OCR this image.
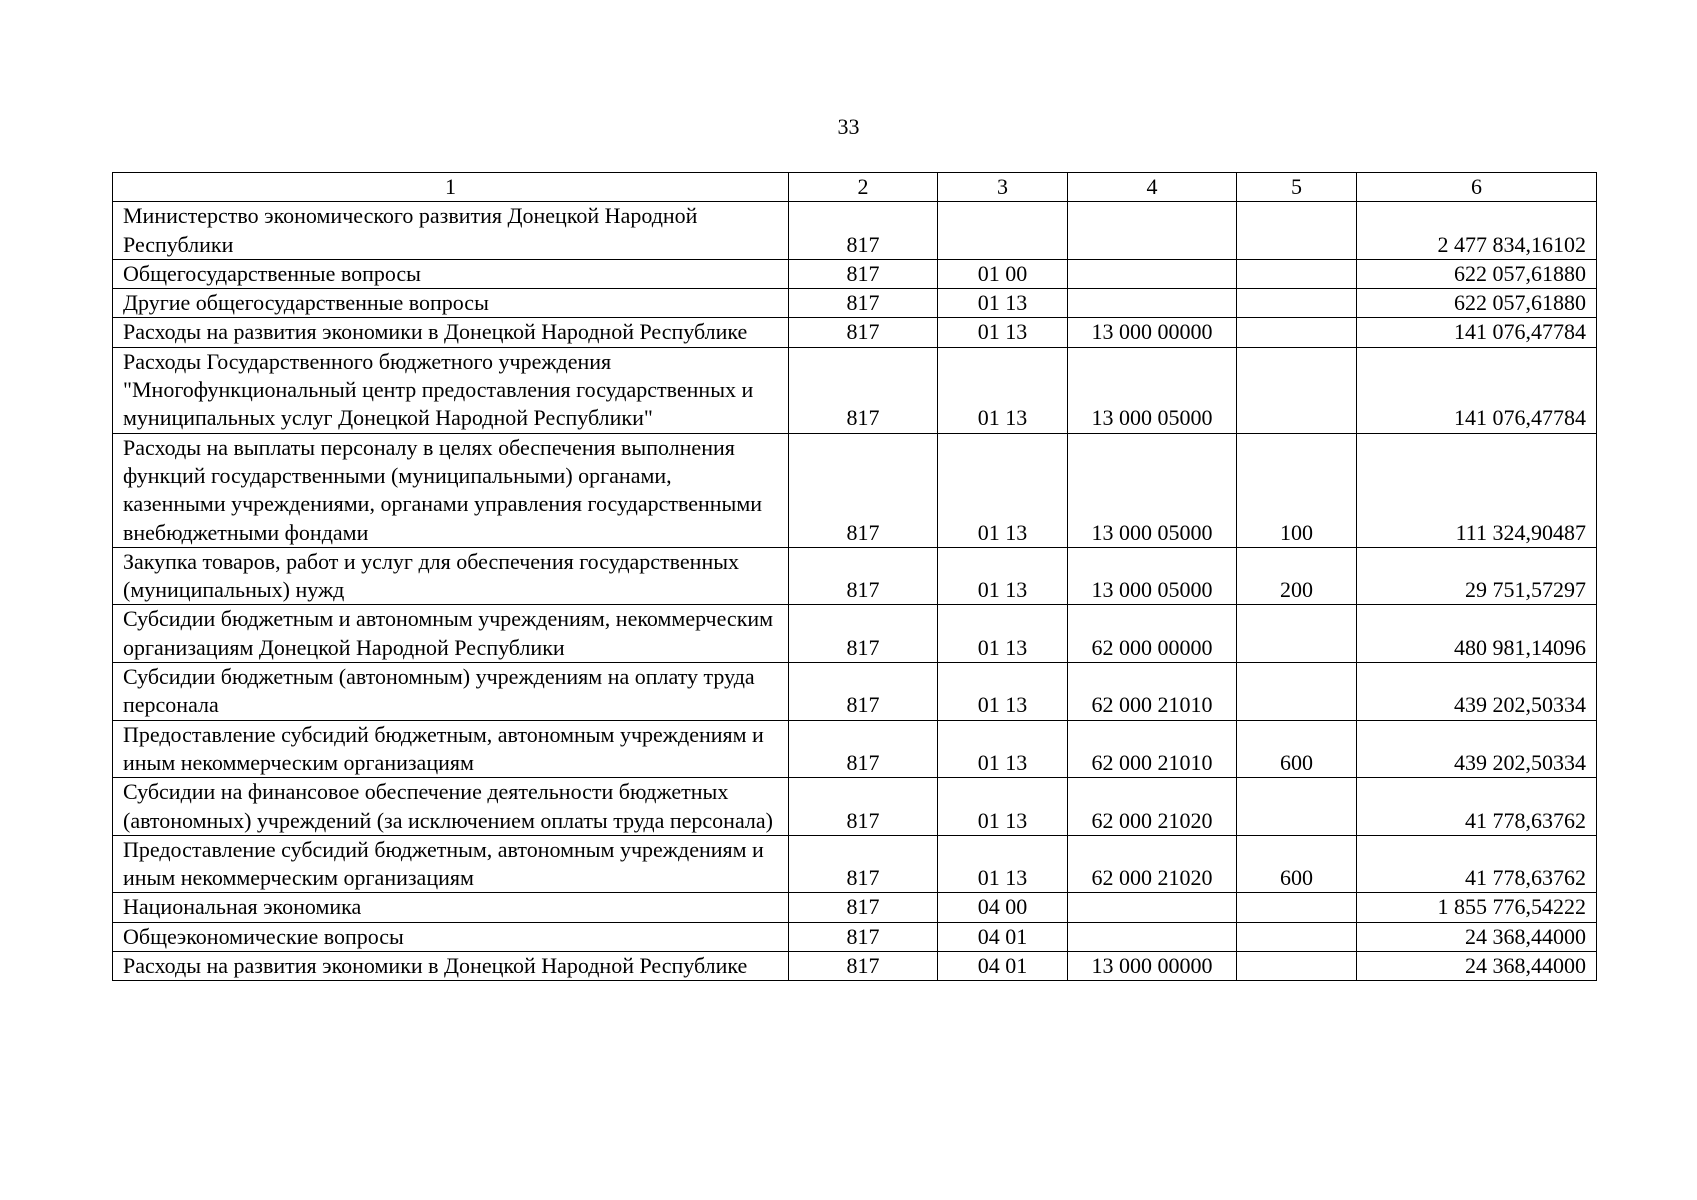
33
1	2	3	4	5	6
Министерство экономического развития Донецкой Народной Республики	817				2 477 834,16102
Общегосударственные вопросы	817	01 00			622 057,61880
Другие общегосударственные вопросы	817	01 13			622 057,61880
Расходы на развития экономики в Донецкой Народной Республике	817	01 13	13 000 00000		141 076,47784
Расходы Государственного бюджетного учреждения "Многофункциональный центр предоставления государственных и муниципальных услуг Донецкой Народной Республики"	817	01 13	13 000 05000		141 076,47784
Расходы на выплаты персоналу в целях обеспечения выполнения функций государственными (муниципальными) органами, казенными учреждениями, органами управления государственными внебюджетными фондами	817	01 13	13 000 05000	100	111 324,90487
Закупка товаров, работ и услуг для обеспечения государственных (муниципальных) нужд	817	01 13	13 000 05000	200	29 751,57297
Субсидии бюджетным и автономным учреждениям, некоммерческим организациям Донецкой Народной Республики	817	01 13	62 000 00000		480 981,14096
Субсидии бюджетным (автономным) учреждениям на оплату труда персонала	817	01 13	62 000 21010		439 202,50334
Предоставление субсидий бюджетным, автономным учреждениям и иным некоммерческим организациям	817	01 13	62 000 21010	600	439 202,50334
Субсидии на финансовое обеспечение деятельности бюджетных (автономных) учреждений (за исключением оплаты труда персонала)	817	01 13	62 000 21020		41 778,63762
Предоставление субсидий бюджетным, автономным учреждениям и иным некоммерческим организациям	817	01 13	62 000 21020	600	41 778,63762
Национальная экономика	817	04 00			1 855 776,54222
Общеэкономические вопросы	817	04 01			24 368,44000
Расходы на развития экономики в Донецкой Народной Республике	817	04 01	13 000 00000		24 368,44000
